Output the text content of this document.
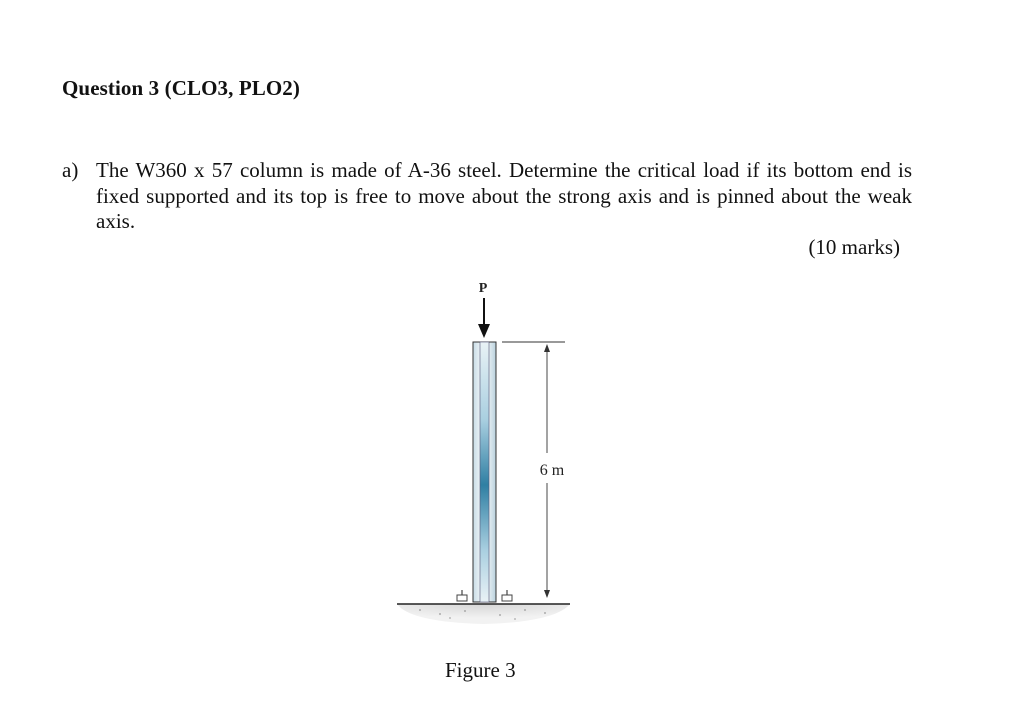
Question 3 (CLO3, PLO2)
a) The W360 x 57 column is made of A-36 steel. Determine the critical load if its bottom end is fixed supported and its top is free to move about the strong axis and is pinned about the weak axis.
(10 marks)
P
6 m
Figure 3
